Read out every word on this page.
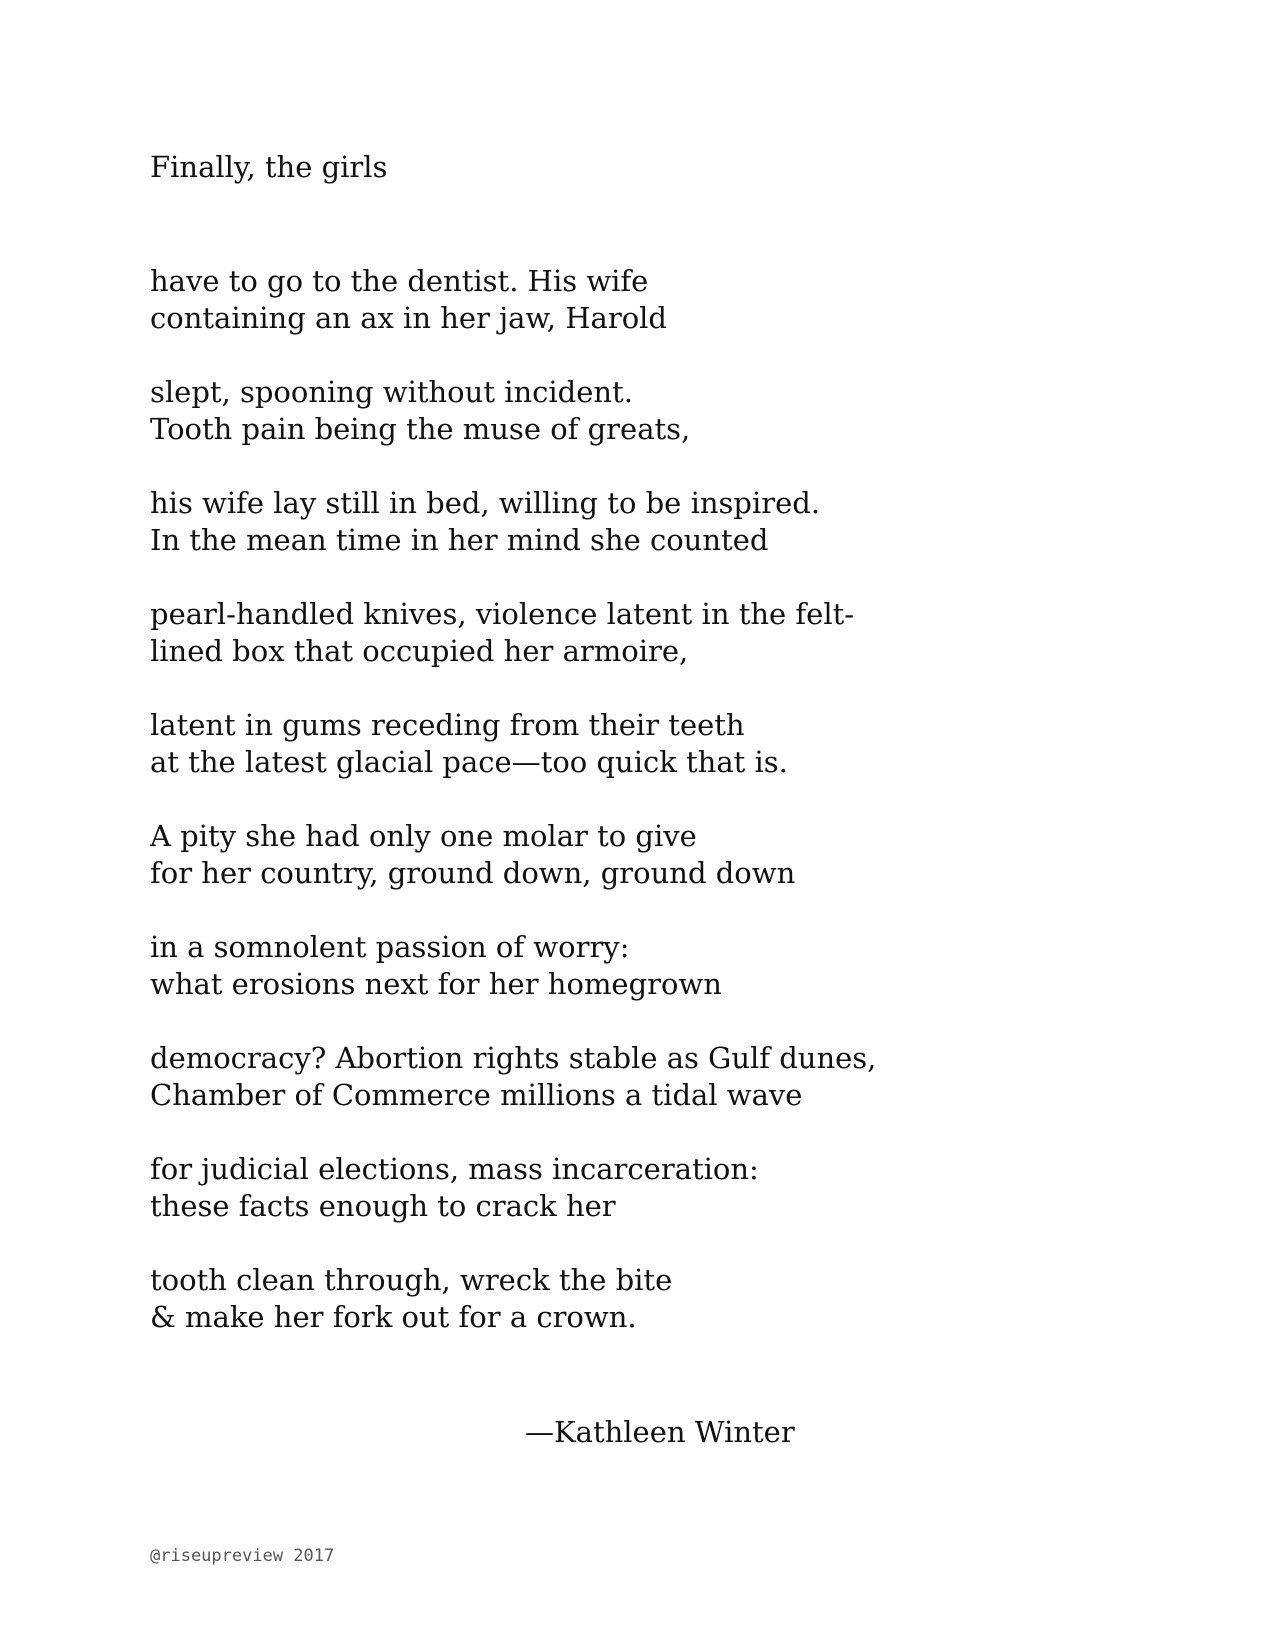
Finally, the girls
have to go to the dentist. His wife
containing an ax in her jaw, Harold
slept, spooning without incident.
Tooth pain being the muse of greats,
his wife lay still in bed, willing to be inspired.
In the mean time in her mind she counted
pearl-handled knives, violence latent in the felt-
lined box that occupied her armoire,
latent in gums receding from their teeth
at the latest glacial pace—too quick that is.
A pity she had only one molar to give
for her country, ground down, ground down
in a somnolent passion of worry:
what erosions next for her homegrown
democracy? Abortion rights stable as Gulf dunes,
Chamber of Commerce millions a tidal wave
for judicial elections, mass incarceration:
these facts enough to crack her
tooth clean through, wreck the bite
& make her fork out for a crown.
—Kathleen Winter
@riseupreview 2017
